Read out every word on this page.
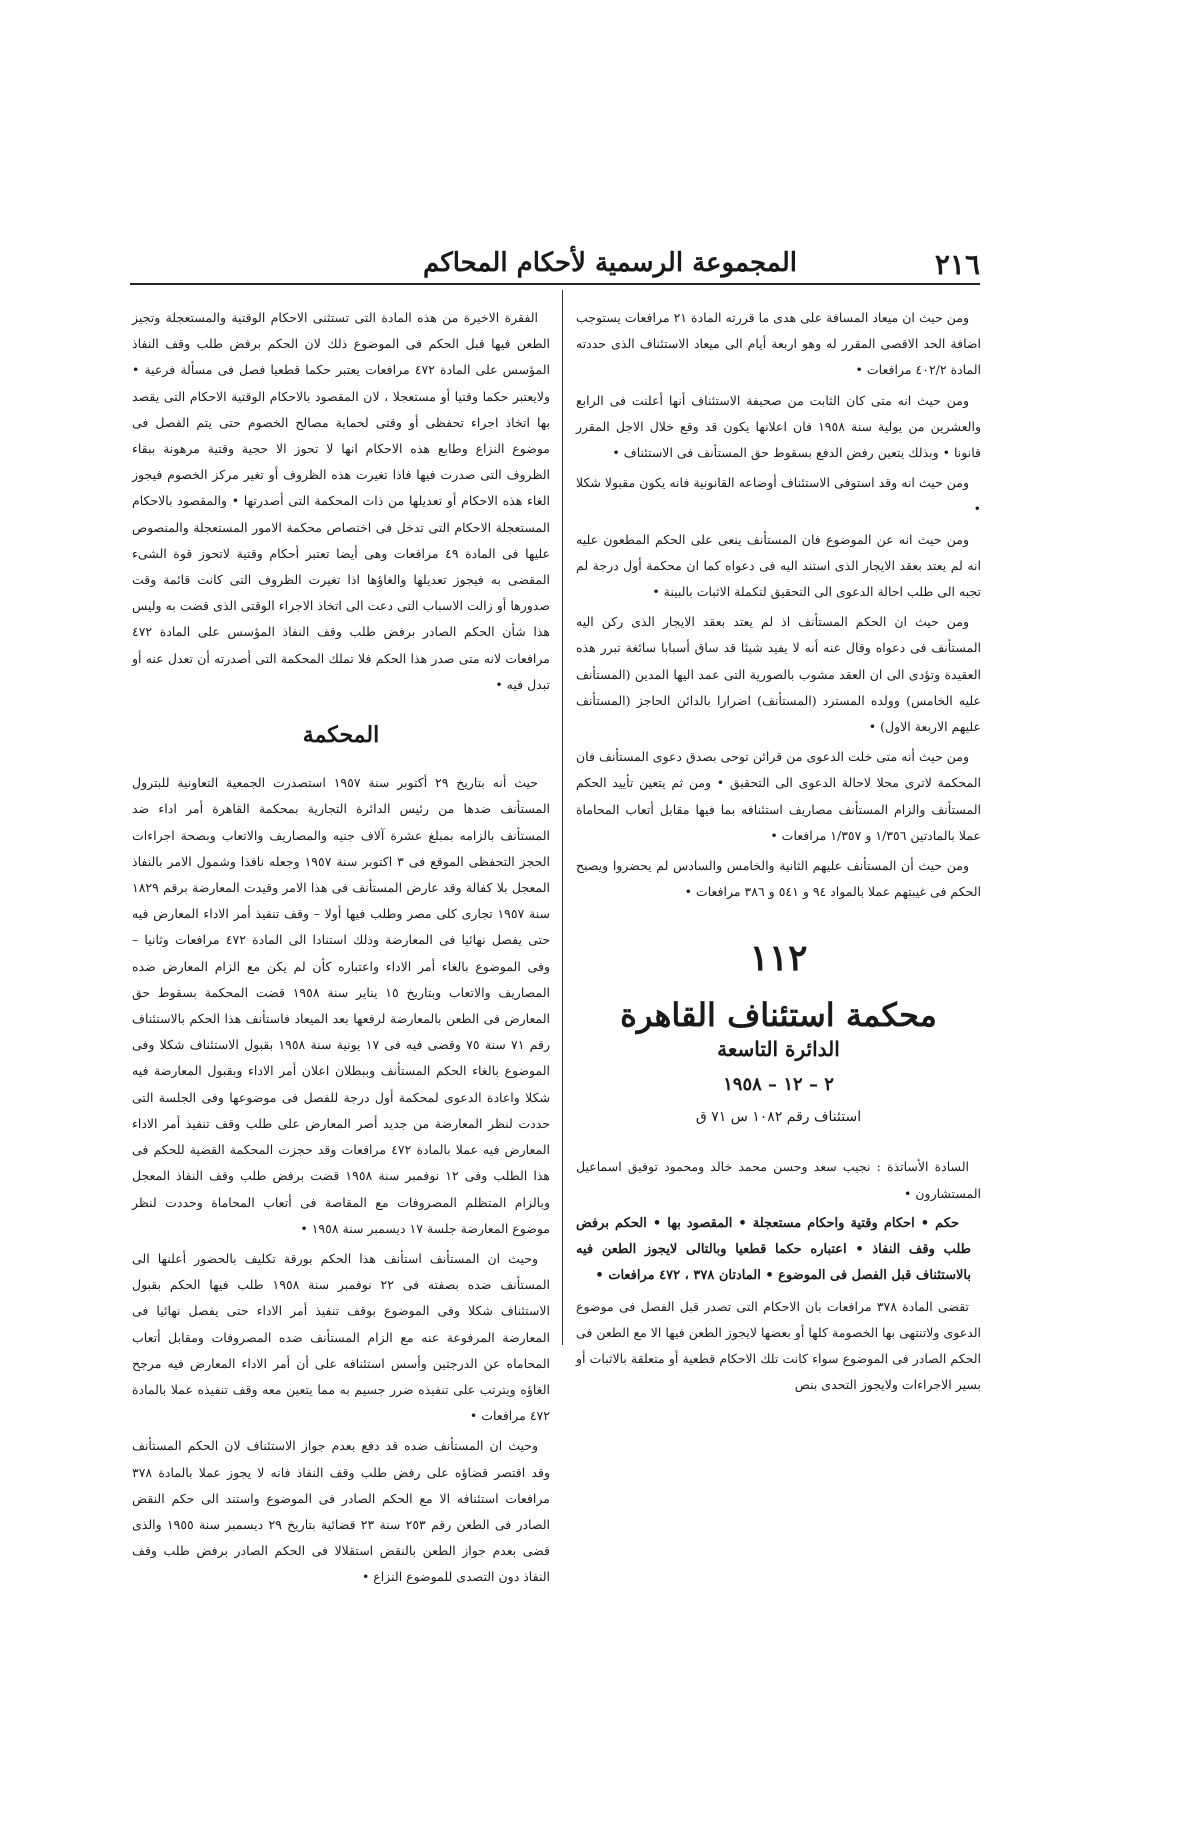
٢١٦
المجموعة الرسمية لأحكام المحاكم

ومن حيث ان ميعاد المسافة على هدى ما قررته المادة ٢١ مرافعات يستوجب اضافة الحد الاقصى المقرر له وهو اربعة أيام الى ميعاد الاستئناف الذى حددته المادة ٤٠٢/٢ مرافعات •

ومن حيث انه متى كان الثابت من صحيفة الاستئناف أنها أعلنت فى الرابع والعشرين من يولية سنة ١٩٥٨ فان اعلانها يكون قد وقع خلال الاجل المقرر قانونا • وبذلك يتعين رفض الدفع بسقوط حق المستأنف فى الاستئناف •

ومن حيث انه وقد استوفى الاستئناف أوضاعه القانونية فانه يكون مقبولا شكلا •

ومن حيث انه عن الموضوع فان المستأنف ينعى على الحكم المطعون عليه انه لم يعتد بعقد الايجار الذى استند اليه فى دعواه كما ان محكمة أول درجة لم تجبه الى طلب احالة الدعوى الى التحقيق لتكملة الاثبات بالبينة •

ومن حيث ان الحكم المستأنف اذ لم يعتد بعقد الايجار الذى ركن اليه المستأنف فى دعواه وقال عنه أنه لا يفيد شيئا قد ساق أسبابا سائغة تبرر هذه العقيدة وتؤدى الى ان العقد مشوب بالصورية التى عمد اليها المدين (المستأنف عليه الخامس) وولده المسترد (المستأنف) اضرارا بالدائن الحاجز (المستأنف عليهم الاربعة الاول) •

ومن حيث أنه متى خلت الدعوى من قرائن توحى بصدق دعوى المستأنف فان المحكمة لاترى محلا لاحالة الدعوى الى التحقيق • ومن ثم يتعين تأييد الحكم المستأنف والزام المستأنف مصاريف استئنافه بما فيها مقابل أتعاب المحاماة عملا بالمادتين ١/٣٥٦ و ١/٣٥٧ مرافعات •

ومن حيث أن المستأنف عليهم الثانية والخامس والسادس لم يحضروا ويصبح الحكم فى غيبتهم عملا بالمواد ٩٤ و ٥٤١ و ٣٨٦ مرافعات •

١١٢
محكمة استئناف القاهرة
الدائرة التاسعة
٢ – ١٢ – ١٩٥٨
استئناف رقم ١٠٨٢ س ٧١ ق

السادة الأساتذة : نجيب سعد وحسن محمد خالد ومحمود توفيق اسماعيل المستشارون •

حكم • احكام وقتية واحكام مستعجلة • المقصود بها • الحكم برفض طلب وقف النفاذ • اعتباره حكما قطعيا وبالتالى لايجوز الطعن فيه بالاستئناف قبل الفصل فى الموضوع • المادتان ٣٧٨ ، ٤٧٢ مرافعات •

تقضى المادة ٣٧٨ مرافعات بان الاحكام التى تصدر قبل الفصل فى موضوع الدعوى ولاتنتهى بها الخصومة كلها أو بعضها لايجوز الطعن فيها الا مع الطعن فى الحكم الصادر فى الموضوع سواء كانت تلك الاحكام قطعية أو متعلقة بالاثبات أو بسير الاجراءات ولايجوز التحدى بنص

الفقرة الاخيرة من هذه المادة التى تستثنى الاحكام الوقتية والمستعجلة وتجيز الطعن فيها قبل الحكم فى الموضوع ذلك لان الحكم برفض طلب وقف النفاذ المؤسس على المادة ٤٧٢ مرافعات يعتبر حكما قطعيا فصل فى مسألة فرعية • ولايعتبر حكما وقتيا أو مستعجلا ، لان المقصود بالاحكام الوقتية الاحكام التى يقصد بها اتخاذ اجراء تحفظى أو وقتى لحماية مصالح الخصوم حتى يتم الفصل فى موضوع النزاع وطابع هذه الاحكام انها لا تحوز الا حجية وقتية مرهونة ببقاء الظروف التى صدرت فيها فاذا تغيرت هذه الظروف أو تغير مركز الخصوم فيجوز الغاء هذه الاحكام أو تعديلها من ذات المحكمة التى أصدرتها • والمقصود بالاحكام المستعجلة الاحكام التى تدخل فى اختصاص محكمة الامور المستعجلة والمنصوص عليها فى المادة ٤٩ مرافعات وهى أيضا تعتبر أحكام وقتية لاتحوز قوة الشىء المقضى به فيجوز تعديلها والغاؤها اذا تغيرت الظروف التى كانت قائمة وقت صدورها أو زالت الاسباب التى دعت الى اتخاذ الاجراء الوقتى الذى قضت به وليس هذا شأن الحكم الصادر برفض طلب وقف النفاذ المؤسس على المادة ٤٧٢ مرافعات لانه متى صدر هذا الحكم فلا تملك المحكمة التى أصدرته أن تعدل عنه أو تبدل فيه •

المحكمة

حيث أنه بتاريخ ٢٩ أكتوبر سنة ١٩٥٧ استصدرت الجمعية التعاونية للبترول المستأنف ضدها من رئيس الدائرة التجارية بمحكمة القاهرة أمر اداء ضد المستأنف بالزامه بمبلغ عشرة آلاف جنيه والمصاريف والاتعاب وبصحة اجراءات الحجز التحفظى الموقع فى ٣ اكتوبر سنة ١٩٥٧ وجعله نافذا وشمول الامر بالنفاذ المعجل بلا كفالة وقد عارض المستأنف فى هذا الامر وقيدت المعارضة برقم ١٨٢٩ سنة ١٩٥٧ تجارى كلى مصر وطلب فيها أولا – وقف تنفيذ أمر الاداء المعارض فيه حتى يفصل نهائيا فى المعارضة وذلك استنادا الى المادة ٤٧٢ مرافعات وثانيا – وفى الموضوع بالغاء أمر الاداء واعتباره كأن لم يكن مع الزام المعارض ضده المصاريف والاتعاب وبتاريخ ١٥ يناير سنة ١٩٥٨ قضت المحكمة بسقوط حق المعارض فى الطعن بالمعارضة لرفعها بعد الميعاد فاستأنف هذا الحكم بالاستئناف رقم ٧١ سنة ٧٥ وقضى فيه فى ١٧ يونية سنة ١٩٥٨ بقبول الاستئناف شكلا وفى الموضوع بالغاء الحكم المستأنف وببطلان اعلان أمر الاداء وبقبول المعارضة فيه شكلا واعادة الدعوى لمحكمة أول درجة للفصل فى موضوعها وفى الجلسة التى حددت لنظر المعارضة من جديد أصر المعارض على طلب وقف تنفيذ أمر الاداء المعارض فيه عملا بالمادة ٤٧٢ مرافعات وقد حجزت المحكمة القضية للحكم فى هذا الطلب وفى ١٢ نوفمبر سنة ١٩٥٨ قضت برفض طلب وقف النفاذ المعجل وبالزام المتظلم المصروفات مع المقاصة فى أتعاب المحاماة وحددت لنظر موضوع المعارضة جلسة ١٧ ديسمبر سنة ١٩٥٨ •

وحيث ان المستأنف استأنف هذا الحكم بورقة تكليف بالحضور أعلنها الى المستأنف ضده بصفته فى ٢٢ نوفمبر سنة ١٩٥٨ طلب فيها الحكم بقبول الاستئناف شكلا وفى الموضوع بوقف تنفيذ أمر الاداء حتى يفصل نهائيا فى المعارضة المرفوعة عنه مع الزام المستأنف ضده المصروفات ومقابل أتعاب المحاماه عن الدرجتين وأسس استئنافه على أن أمر الاداء المعارض فيه مرجح الغاؤه ويترتب على تنفيذه ضرر جسيم به مما يتعين معه وقف تنفيذه عملا بالمادة ٤٧٢ مرافعات •

وحيث ان المستأنف ضده قد دفع بعدم جواز الاستئناف لان الحكم المستأنف وقد اقتصر قضاؤه على رفض طلب وقف النفاذ فانه لا يجوز عملا بالمادة ٣٧٨ مرافعات استئنافه الا مع الحكم الصادر فى الموضوع واستند الى حكم النقض الصادر فى الطعن رقم ٢٥٣ سنة ٢٣ قضائية بتاريخ ٢٩ ديسمبر سنة ١٩٥٥ والذى قضى بعدم جواز الطعن بالنقض استقلالا فى الحكم الصادر برفض طلب وقف النفاذ دون التصدى للموضوع النزاع •
